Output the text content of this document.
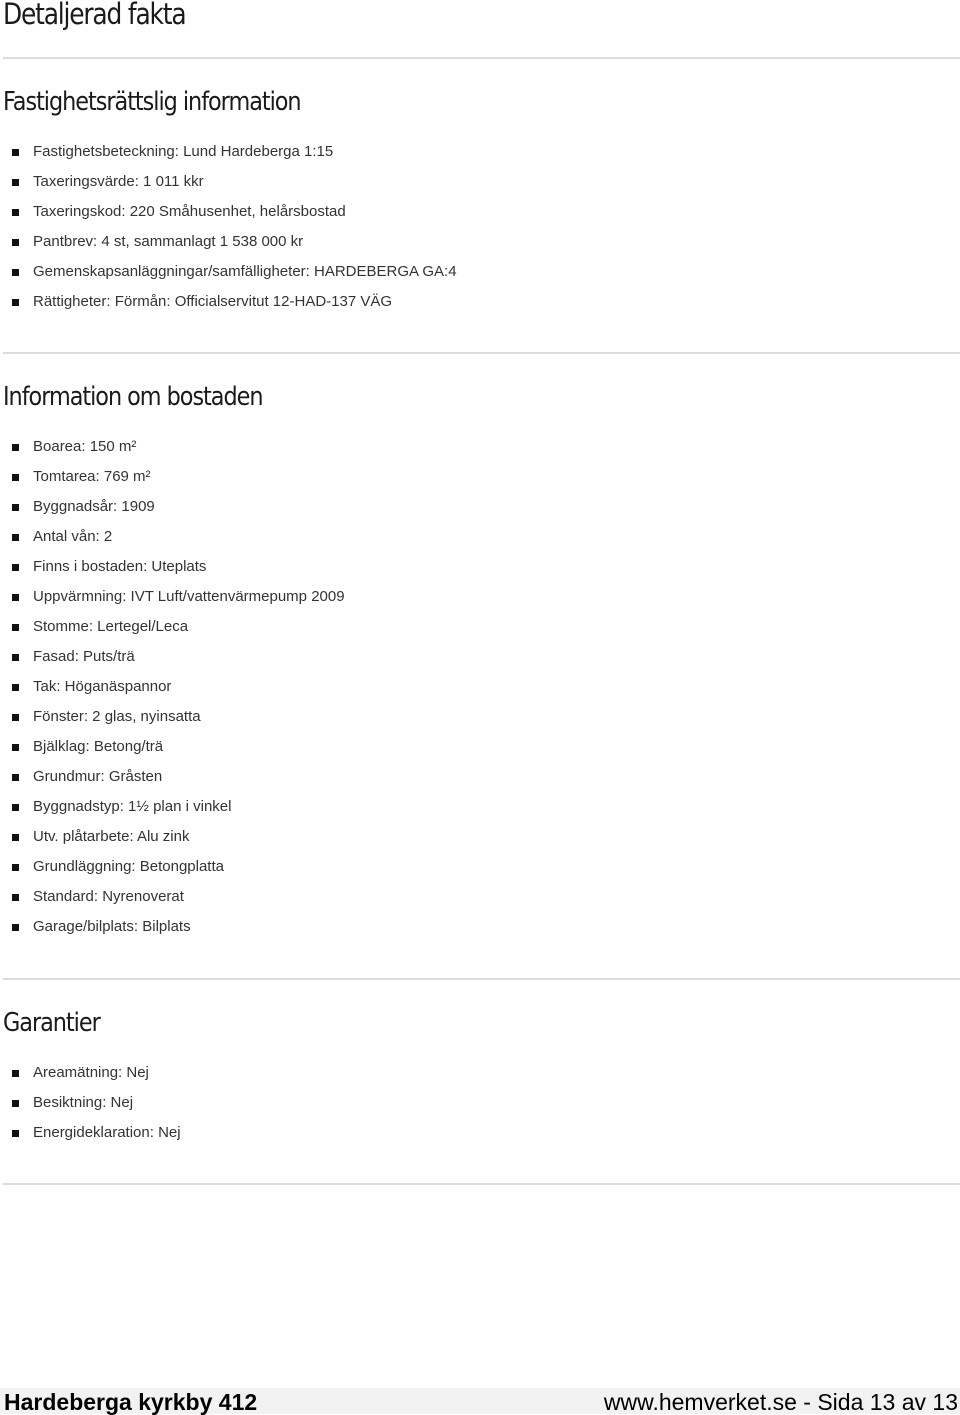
Detaljerad fakta
Fastighetsrättslig information
Fastighetsbeteckning: Lund Hardeberga 1:15
Taxeringsvärde: 1 011 kkr
Taxeringskod: 220 Småhusenhet, helårsbostad
Pantbrev: 4 st, sammanlagt 1 538 000 kr
Gemenskapsanläggningar/samfälligheter: HARDEBERGA GA:4
Rättigheter: Förmån: Officialservitut 12-HAD-137 VÄG
Information om bostaden
Boarea: 150 m²
Tomtarea: 769 m²
Byggnadsår: 1909
Antal vån: 2
Finns i bostaden: Uteplats
Uppvärmning: IVT Luft/vattenvärmepump 2009
Stomme: Lertegel/Leca
Fasad: Puts/trä
Tak: Höganäspannor
Fönster: 2 glas, nyinsatta
Bjälklag: Betong/trä
Grundmur: Gråsten
Byggnadstyp: 1½ plan i vinkel
Utv. plåtarbete: Alu zink
Grundläggning: Betongplatta
Standard: Nyrenoverat
Garage/bilplats: Bilplats
Garantier
Areamätning: Nej
Besiktning: Nej
Energideklaration: Nej
Hardeberga kyrkby 412	www.hemverket.se - Sida 13 av 13
